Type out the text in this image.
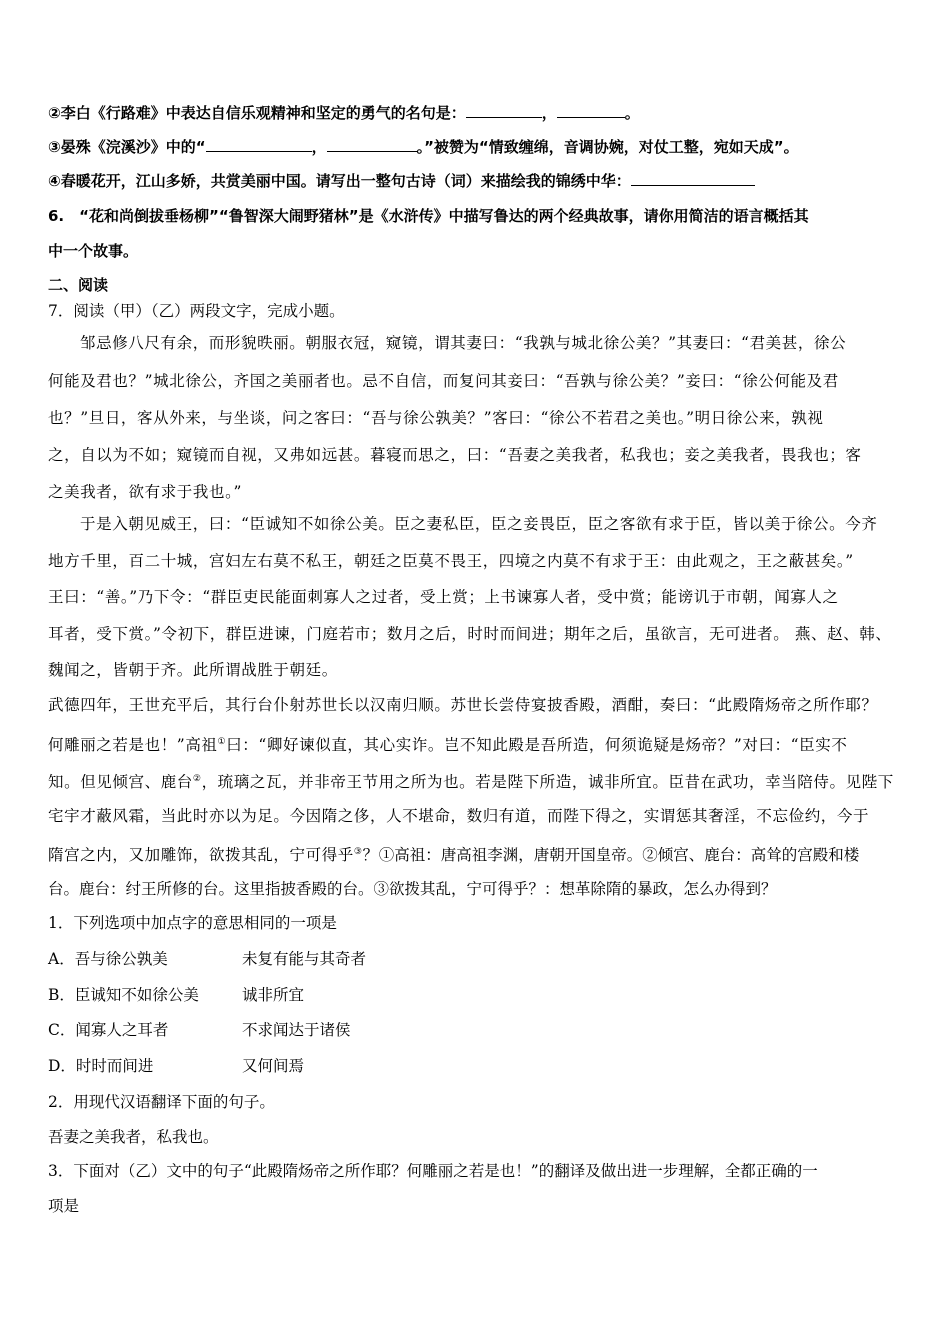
②李白《行路难》中表达自信乐观精神和坚定的勇气的名句是：	，	。
③晏殊《浣溪沙》中的“	，	。”被赞为“情致缠绵，音调协婉，对仗工整，宛如天成”。
④春暖花开，江山多娇，共赏美丽中国。请写出一整句古诗（词）来描绘我的锦绣中华：
6.　“花和尚倒拔垂杨柳”“鲁智深大闹野猪林”是《水浒传》中描写鲁达的两个经典故事，请你用简洁的语言概括其
中一个故事。
二、阅读
7．阅读（甲）（乙）两段文字，完成小题。
邹忌修八尺有余，而形貌昳丽。朝服衣冠，窥镜，谓其妻曰：“我孰与城北徐公美？”其妻曰：“君美甚，徐公
何能及君也？”城北徐公，齐国之美丽者也。忌不自信，而复问其妾曰：“吾孰与徐公美？”妾曰：“徐公何能及君
也？”旦日，客从外来，与坐谈，问之客曰：“吾与徐公孰美？”客曰：“徐公不若君之美也。”明日徐公来，孰视
之，自以为不如；窥镜而自视，又弗如远甚。暮寝而思之，曰：“吾妻之美我者，私我也；妾之美我者，畏我也；客
之美我者，欲有求于我也。”
于是入朝见威王，曰：“臣诚知不如徐公美。臣之妻私臣，臣之妾畏臣，臣之客欲有求于臣，皆以美于徐公。今齐
地方千里，百二十城，宫妇左右莫不私王，朝廷之臣莫不畏王，四境之内莫不有求于王：由此观之，王之蔽甚矣。”
王曰：“善。”乃下令：“群臣吏民能面刺寡人之过者，受上赏；上书谏寡人者，受中赏；能谤讥于市朝，闻寡人之
耳者，受下赏。”令初下，群臣进谏，门庭若市；数月之后，时时而间进；期年之后，虽欲言，无可进者。 燕、赵、韩、
魏闻之，皆朝于齐。此所谓战胜于朝廷。
武德四年，王世充平后，其行台仆射苏世长以汉南归顺。苏世长尝侍宴披香殿，酒酣，奏曰：“此殿隋炀帝之所作耶？
何雕丽之若是也！”高祖①曰：“卿好谏似直，其心实诈。岂不知此殿是吾所造，何须诡疑是炀帝？”对曰：“臣实不
知。但见倾宫、鹿台②，琉璃之瓦，并非帝王节用之所为也。若是陛下所造，诚非所宜。臣昔在武功，幸当陪侍。见陛下
宅宇才蔽风霜，当此时亦以为足。今因隋之侈，人不堪命，数归有道，而陛下得之，实谓惩其奢淫，不忘俭约，今于
隋宫之内，又加雕饰，欲拨其乱，宁可得乎③？①高祖：唐高祖李渊，唐朝开国皇帝。②倾宫、鹿台：高耸的宫殿和楼
台。鹿台：纣王所修的台。这里指披香殿的台。③欲拨其乱，宁可得乎？：想革除隋的暴政，怎么办得到？
1．下列选项中加点字的意思相同的一项是
A．吾与徐公孰美	未复有能与其奇者
B．臣诚知不如徐公美	诚非所宜
C．闻寡人之耳者	不求闻达于诸侯
D．时时而间进	又何间焉
2．用现代汉语翻译下面的句子。
吾妻之美我者，私我也。
3．下面对（乙）文中的句子“此殿隋炀帝之所作耶？何雕丽之若是也！”的翻译及做出进一步理解，全都正确的一
项是
